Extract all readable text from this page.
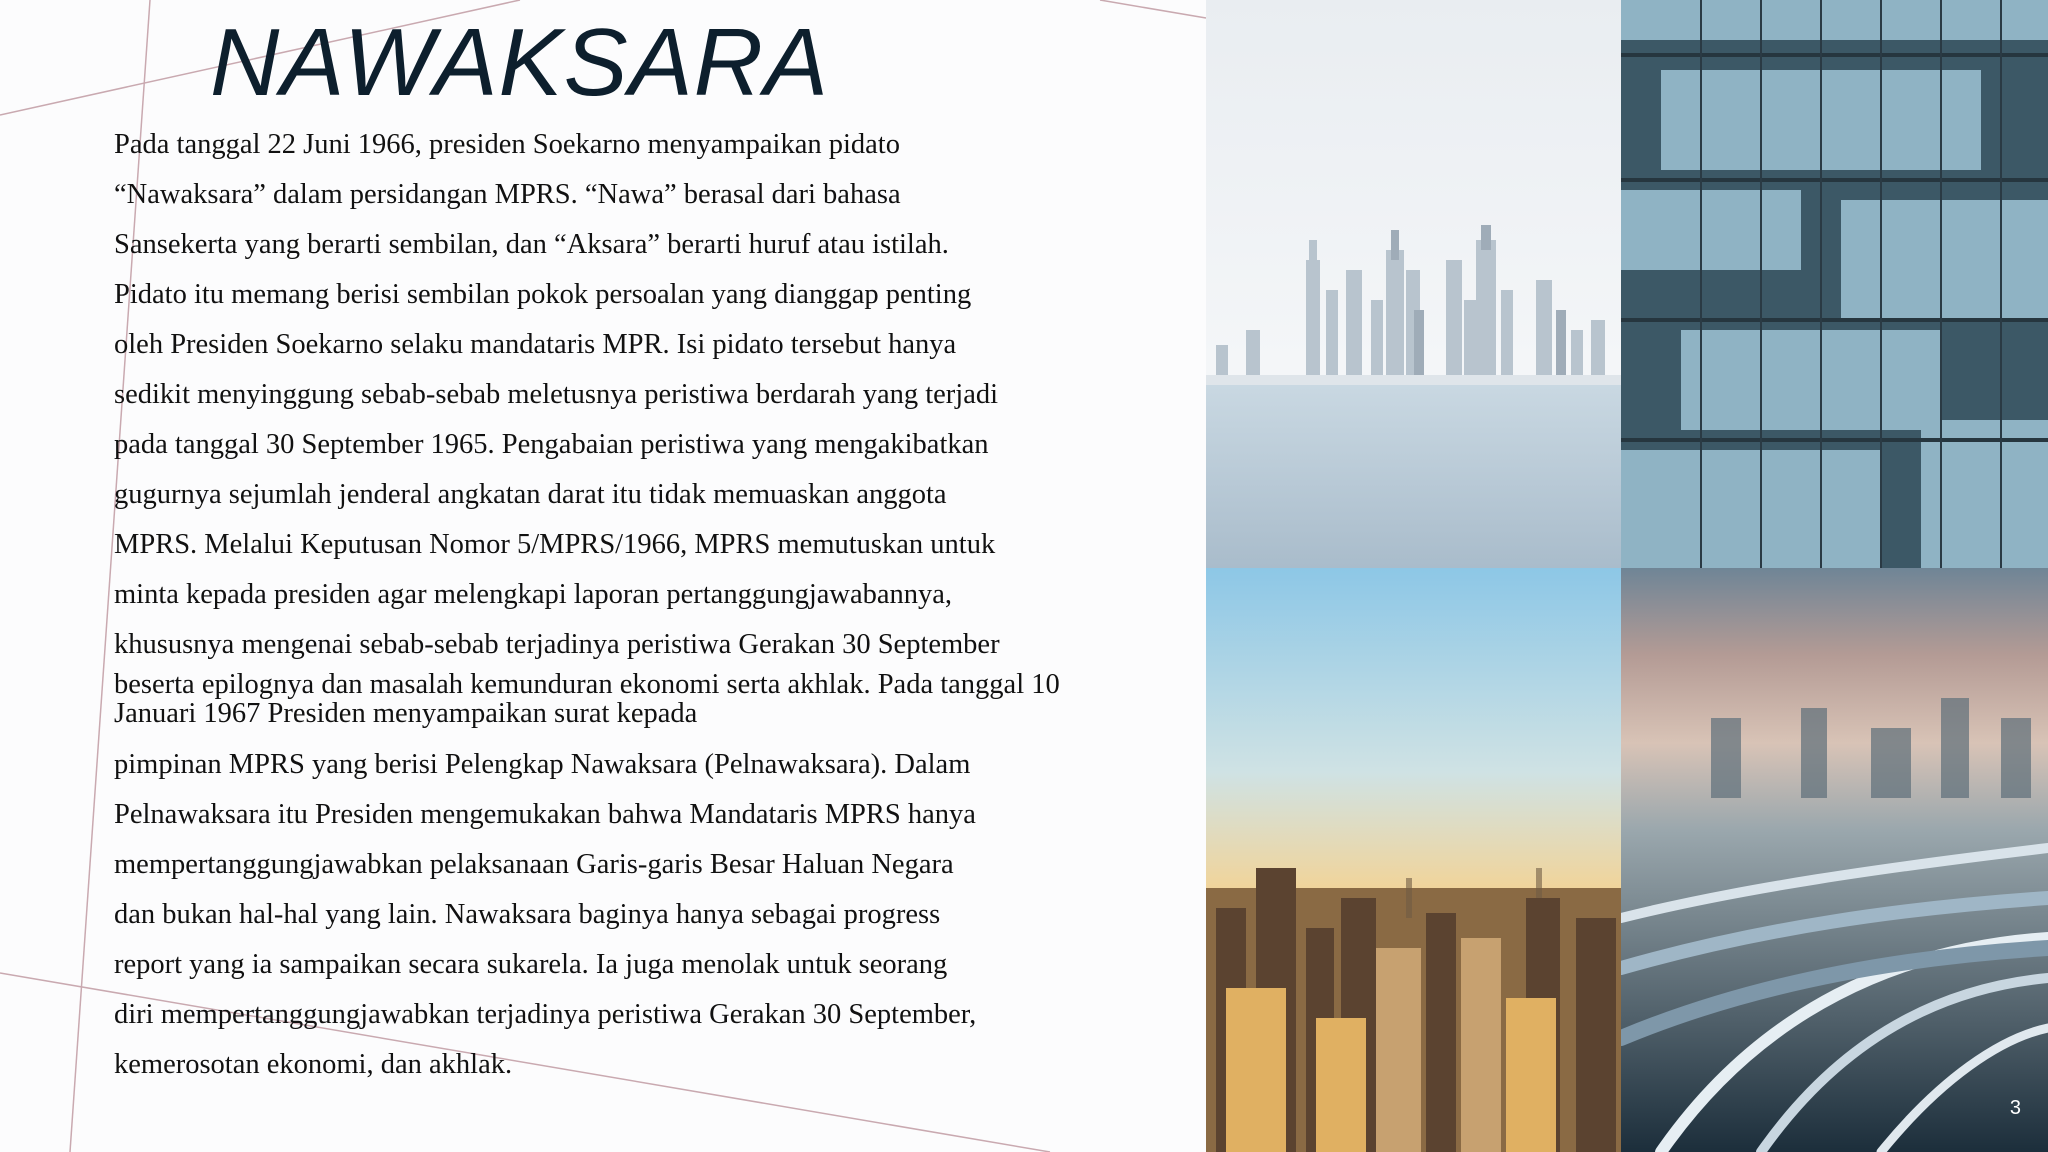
NAWAKSARA
Pada tanggal 22 Juni 1966, presiden Soekarno menyampaikan pidato
“Nawaksara” dalam persidangan MPRS. “Nawa” berasal dari bahasa
Sansekerta yang berarti sembilan, dan “Aksara” berarti huruf atau istilah.
Pidato itu memang berisi sembilan pokok persoalan yang dianggap penting
oleh Presiden Soekarno selaku mandataris MPR. Isi pidato tersebut hanya
sedikit menyinggung sebab-sebab meletusnya peristiwa berdarah yang terjadi
pada tanggal 30 September 1965. Pengabaian peristiwa yang mengakibatkan
gugurnya sejumlah jenderal angkatan darat itu tidak memuaskan anggota
MPRS. Melalui Keputusan Nomor 5/MPRS/1966, MPRS memutuskan untuk
minta kepada presiden agar melengkapi laporan pertanggungjawabannya,
khususnya mengenai sebab-sebab terjadinya peristiwa Gerakan 30 September
beserta epilognya dan masalah kemunduran ekonomi serta akhlak. Pada tanggal 10
Januari 1967 Presiden menyampaikan surat kepada
pimpinan MPRS yang berisi Pelengkap Nawaksara (Pelnawaksara). Dalam
Pelnawaksara itu Presiden mengemukakan bahwa Mandataris MPRS hanya
mempertanggungjawabkan pelaksanaan Garis-garis Besar Haluan Negara
dan bukan hal-hal yang lain. Nawaksara baginya hanya sebagai progress
report yang ia sampaikan secara sukarela. Ia juga menolak untuk seorang
diri mempertanggungjawabkan terjadinya peristiwa Gerakan 30 September,
kemerosotan ekonomi, dan akhlak.
3
